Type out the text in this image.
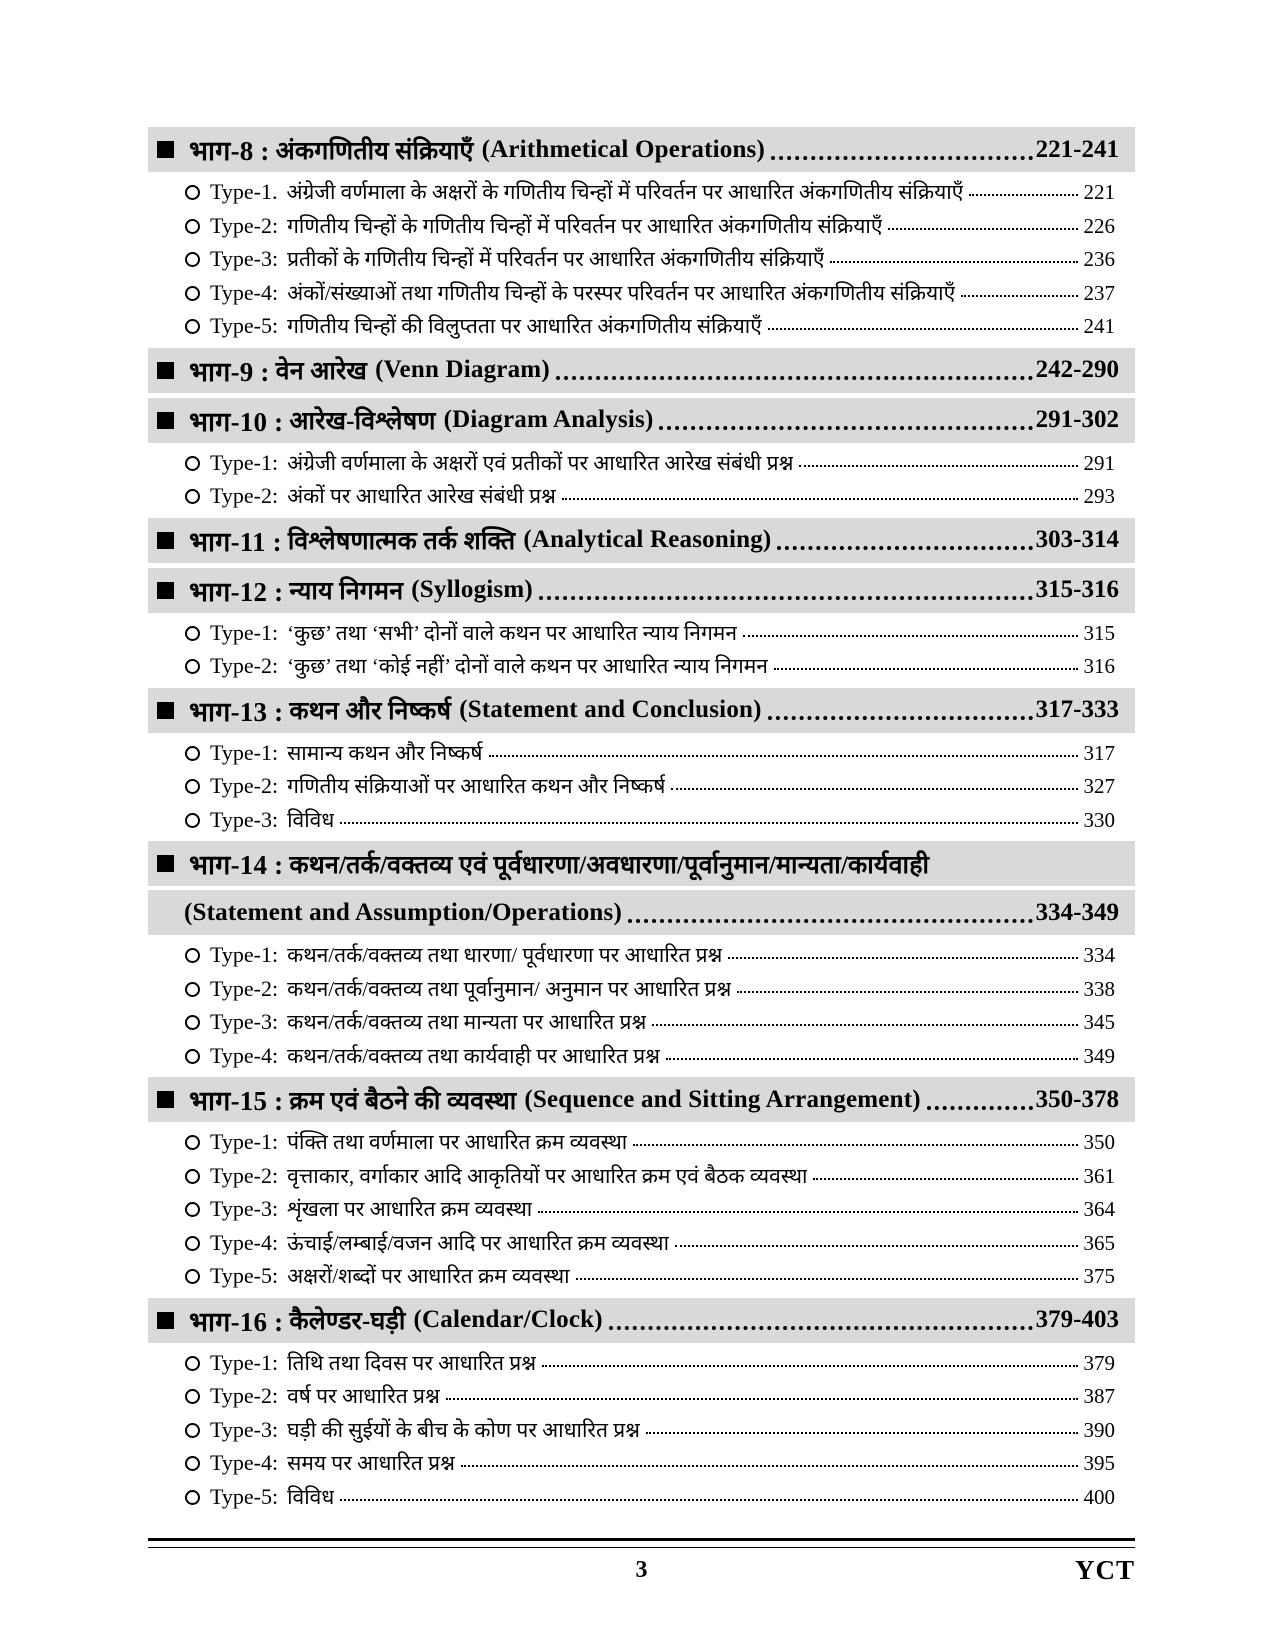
भाग-8 : अंकगणितीय संक्रियाएँ (Arithmetical Operations)	221-241
Type-1. अंग्रेजी वर्णमाला के अक्षरों के गणितीय चिन्हों में परिवर्तन पर आधारित अंकगणितीय संक्रियाएँ	221
Type-2: गणितीय चिन्हों के गणितीय चिन्हों में परिवर्तन पर आधारित अंकगणितीय संक्रियाएँ	226
Type-3: प्रतीकों के गणितीय चिन्हों में परिवर्तन पर आधारित अंकगणितीय संक्रियाएँ	236
Type-4: अंकों/संख्याओं तथा गणितीय चिन्हों के परस्पर परिवर्तन पर आधारित अंकगणितीय संक्रियाएँ	237
Type-5: गणितीय चिन्हों की विलुप्तता पर आधारित अंकगणितीय संक्रियाएँ	241
भाग-9 : वेन आरेख (Venn Diagram)	242-290
भाग-10 : आरेख-विश्लेषण (Diagram Analysis)	291-302
Type-1: अंग्रेजी वर्णमाला के अक्षरों एवं प्रतीकों पर आधारित आरेख संबंधी प्रश्न	291
Type-2: अंकों पर आधारित आरेख संबंधी प्रश्न	293
भाग-11 : विश्लेषणात्मक तर्क शक्ति (Analytical Reasoning)	303-314
भाग-12 : न्याय निगमन (Syllogism)	315-316
Type-1: ‘कुछ’ तथा ‘सभी’ दोनों वाले कथन पर आधारित न्याय निगमन	315
Type-2: ‘कुछ’ तथा ‘कोई नहीं’ दोनों वाले कथन पर आधारित न्याय निगमन	316
भाग-13 : कथन और निष्कर्ष (Statement and Conclusion)	317-333
Type-1: सामान्य कथन और निष्कर्ष	317
Type-2: गणितीय संक्रियाओं पर आधारित कथन और निष्कर्ष	327
Type-3: विविध	330
भाग-14 : कथन/तर्क/वक्तव्य एवं पूर्वधारणा/अवधारणा/पूर्वानुमान/मान्यता/कार्यवाही
(Statement and Assumption/Operations)	334-349
Type-1: कथन/तर्क/वक्तव्य तथा धारणा/ पूर्वधारणा पर आधारित प्रश्न	334
Type-2: कथन/तर्क/वक्तव्य तथा पूर्वानुमान/ अनुमान पर आधारित प्रश्न	338
Type-3: कथन/तर्क/वक्तव्य तथा मान्यता पर आधारित प्रश्न	345
Type-4: कथन/तर्क/वक्तव्य तथा कार्यवाही पर आधारित प्रश्न	349
भाग-15 : क्रम एवं बैठने की व्यवस्था (Sequence and Sitting Arrangement)	350-378
Type-1: पंक्ति तथा वर्णमाला पर आधारित क्रम व्यवस्था	350
Type-2: वृत्ताकार, वर्गाकार आदि आकृतियों पर आधारित क्रम एवं बैठक व्यवस्था	361
Type-3: शृंखला पर आधारित क्रम व्यवस्था	364
Type-4: ऊंचाई/लम्बाई/वजन आदि पर आधारित क्रम व्यवस्था	365
Type-5: अक्षरों/शब्दों पर आधारित क्रम व्यवस्था	375
भाग-16 : कैलेण्डर-घड़ी (Calendar/Clock)	379-403
Type-1: तिथि तथा दिवस पर आधारित प्रश्न	379
Type-2: वर्ष पर आधारित प्रश्न	387
Type-3: घड़ी की सुईयों के बीच के कोण पर आधारित प्रश्न	390
Type-4: समय पर आधारित प्रश्न	395
Type-5: विविध	400
3	YCT
